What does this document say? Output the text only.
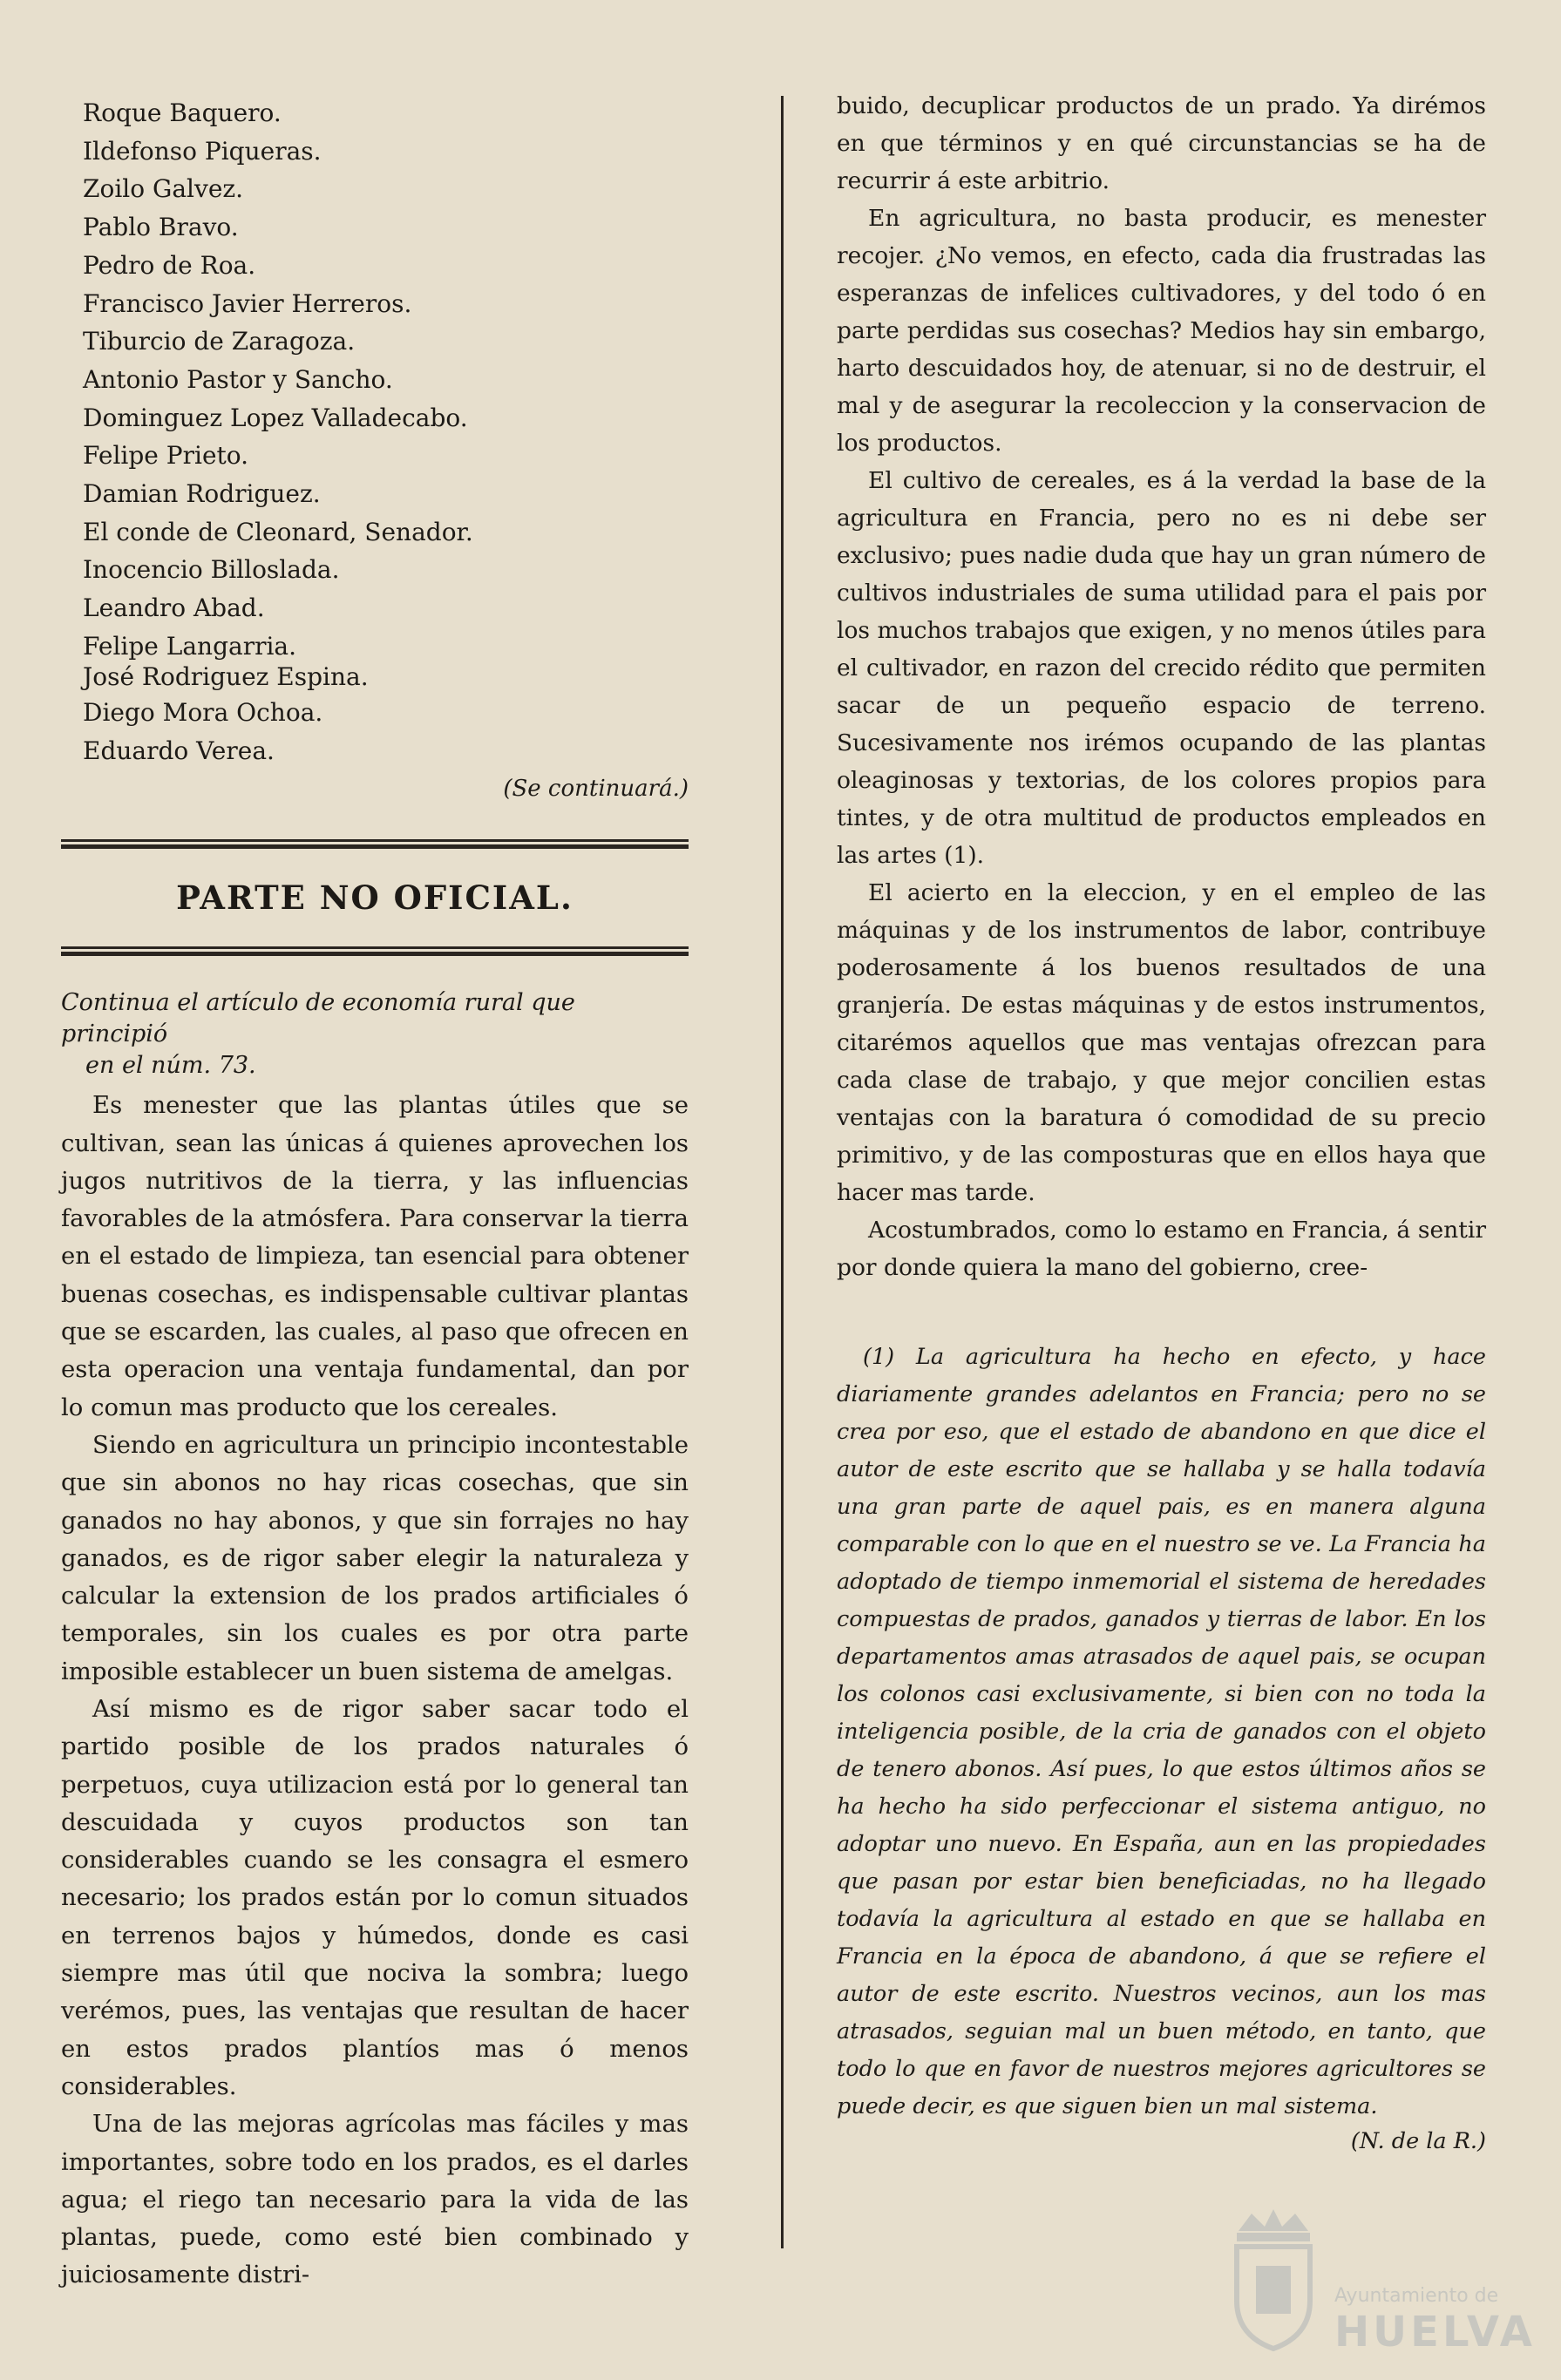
Roque Baquero.

Ildefonso Piqueras.

Zoilo Galvez.

Pablo Bravo.

Pedro de Roa.

Francisco Javier Herreros.

Tiburcio de Zaragoza.

Antonio Pastor y Sancho.

Dominguez Lopez Valladecabo.

Felipe Prieto.

Damian Rodriguez.

El conde de Cleonard, Senador.

Inocencio Billoslada.

Leandro Abad.

Felipe Langarria.

José Rodriguez Espina.

Diego Mora Ochoa.

Eduardo Verea.

(Se continuará.)

PARTE NO OFICIAL.
Continua el artículo de economía rural que principió
en el núm. 73.

Es menester que las plantas útiles que se cultivan, sean las únicas á quienes aprovechen los jugos nutritivos de la tierra, y las influencias favorables de la atmósfera. Para conservar la tierra en el estado de limpieza, tan esencial para obtener buenas cosechas, es indispensable cultivar plantas que se escarden, las cuales, al paso que ofrecen en esta operacion una ventaja fundamental, dan por lo comun mas producto que los cereales.

Siendo en agricultura un principio incontestable que sin abonos no hay ricas cosechas, que sin ganados no hay abonos, y que sin forrajes no hay ganados, es de rigor saber elegir la naturaleza y calcular la extension de los prados artificiales ó temporales, sin los cuales es por otra parte imposible establecer un buen sistema de amelgas.

Así mismo es de rigor saber sacar todo el partido posible de los prados naturales ó perpetuos, cuya utilizacion está por lo general tan descuidada y cuyos productos son tan considerables cuando se les consagra el esmero necesario; los prados están por lo comun situados en terrenos bajos y húmedos, donde es casi siempre mas útil que nociva la sombra; luego verémos, pues, las ventajas que resultan de hacer en estos prados plantíos mas ó menos considerables.

Una de las mejoras agrícolas mas fáciles y mas importantes, sobre todo en los prados, es el darles agua; el riego tan necesario para la vida de las plantas, puede, como esté bien combinado y juiciosamente distri-

buido, decuplicar productos de un prado. Ya dirémos en que términos y en qué circunstancias se ha de recurrir á este arbitrio.

En agricultura, no basta producir, es menester recojer. ¿No vemos, en efecto, cada dia frustradas las esperanzas de infelices cultivadores, y del todo ó en parte perdidas sus cosechas? Medios hay sin embargo, harto descuidados hoy, de atenuar, si no de destruir, el mal y de asegurar la recoleccion y la conservacion de los productos.

El cultivo de cereales, es á la verdad la base de la agricultura en Francia, pero no es ni debe ser exclusivo; pues nadie duda que hay un gran número de cultivos industriales de suma utilidad para el pais por los muchos trabajos que exigen, y no menos útiles para el cultivador, en razon del crecido rédito que permiten sacar de un pequeño espacio de terreno. Sucesivamente nos irémos ocupando de las plantas oleaginosas y textorias, de los colores propios para tintes, y de otra multitud de productos empleados en las artes (1).

El acierto en la eleccion, y en el empleo de las máquinas y de los instrumentos de labor, contribuye poderosamente á los buenos resultados de una granjería. De estas máquinas y de estos instrumentos, citarémos aquellos que mas ventajas ofrezcan para cada clase de trabajo, y que mejor concilien estas ventajas con la baratura ó comodidad de su precio primitivo, y de las composturas que en ellos haya que hacer mas tarde.

Acostumbrados, como lo estamo en Francia, á sentir por donde quiera la mano del gobierno, cree-

(1) La agricultura ha hecho en efecto, y hace diariamente grandes adelantos en Francia; pero no se crea por eso, que el estado de abandono en que dice el autor de este escrito que se hallaba y se halla todavía una gran parte de aquel pais, es en manera alguna comparable con lo que en el nuestro se ve. La Francia ha adoptado de tiempo inmemorial el sistema de heredades compuestas de prados, ganados y tierras de labor. En los departamentos amas atrasados de aquel pais, se ocupan los colonos casi exclusivamente, si bien con no toda la inteligencia posible, de la cria de ganados con el objeto de tenero abonos. Así pues, lo que estos últimos años se ha hecho ha sido perfeccionar el sistema antiguo, no adoptar uno nuevo. En España, aun en las propiedades que pasan por estar bien beneficiadas, no ha llegado todavía la agricultura al estado en que se hallaba en Francia en la época de abandono, á que se refiere el autor de este escrito. Nuestros vecinos, aun los mas atrasados, seguian mal un buen método, en tanto, que todo lo que en favor de nuestros mejores agricultores se puede decir, es que siguen bien un mal sistema.

(N. de la R.)

Ayuntamiento de
HUELVA
